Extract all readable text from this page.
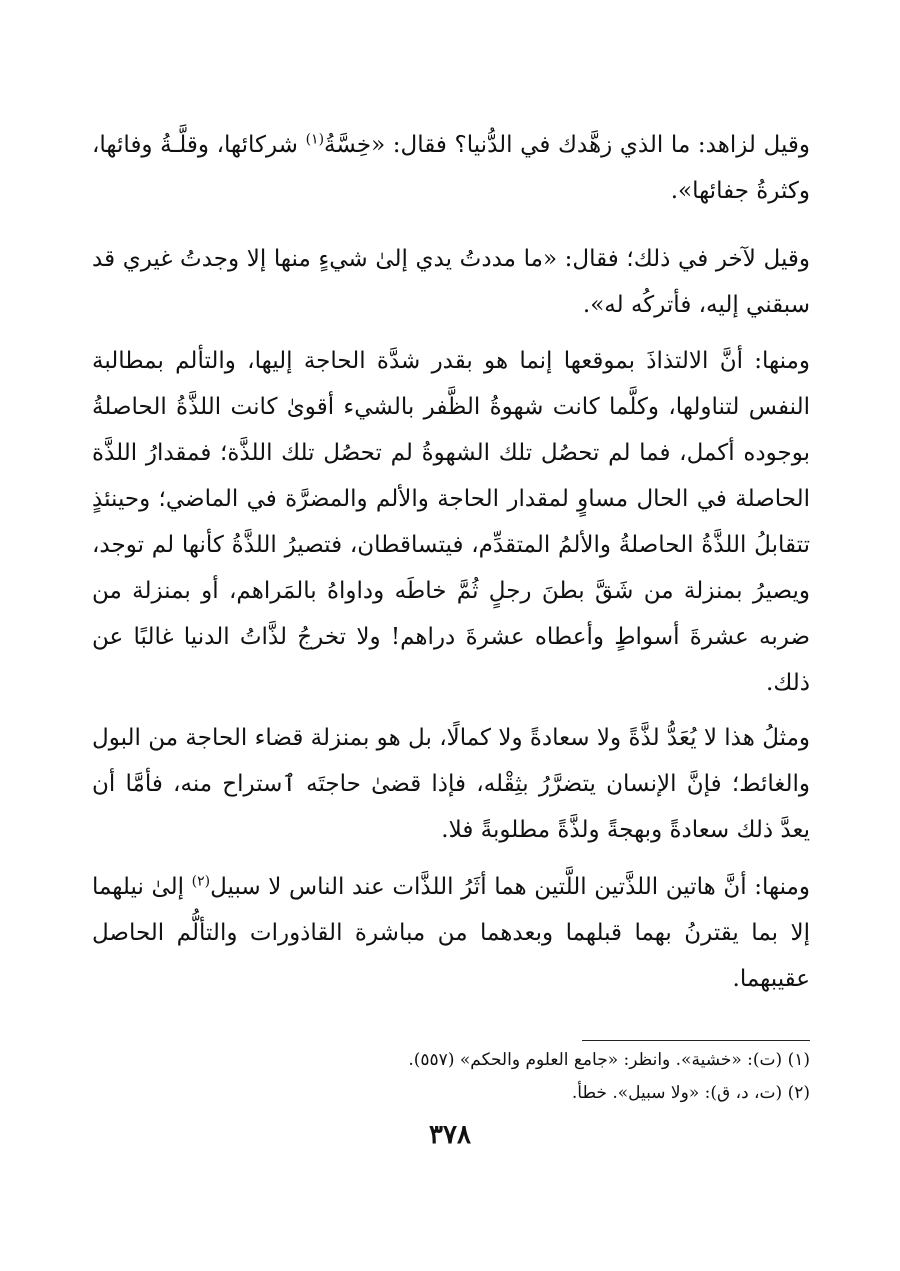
وقيل لزاهد: ما الذي زهَّدك في الدُّنيا؟ فقال: «خِسَّةُ$^{(١)}$ شركائها، وقلَّـةُ وفائها، وكثرةُ جفائها».

وقيل لآخر في ذلك؛ فقال: «ما مددتُ يدي إلىٰ شيءٍ منها إلا وجدتُ غيري قد سبقني إليه، فأتركُه له».

ومنها: أنَّ الالتذاذَ بموقعها إنما هو بقدر شدَّة الحاجة إليها، والتألم بمطالبة النفس لتناولها، وكلَّما كانت شهوةُ الظَّفر بالشيء أقوىٰ كانت اللذَّةُ الحاصلةُ بوجوده أكمل، فما لم تحصُل تلك الشهوةُ لم تحصُل تلك اللذَّة؛ فمقدارُ اللذَّة الحاصلة في الحال مساوٍ لمقدار الحاجة والألم والمضرَّة في الماضي؛ وحينئذٍ تتقابلُ اللذَّةُ الحاصلةُ والألمُ المتقدِّم، فيتساقطان، فتصيرُ اللذَّةُ كأنها لم توجد، ويصيرُ بمنزلة من شَقَّ بطنَ رجلٍ ثُمَّ خاطَه وداواهُ بالمَراهم، أو بمنزلة من ضربه عشرةَ أسواطٍ وأعطاه عشرةَ دراهم! ولا تخرجُ لذَّاتُ الدنيا غالبًا عن ذلك.

ومثلُ هذا لا يُعَدُّ لذَّةً ولا سعادةً ولا كمالًا، بل هو بمنزلة قضاء الحاجة من البول والغائط؛ فإنَّ الإنسان يتضرَّرُ بثِقْله، فإذا قضىٰ حاجتَه ٱستراح منه، فأمَّا أن يعدَّ ذلك سعادةً وبهجةً ولذَّةً مطلوبةً فلا.

ومنها: أنَّ هاتين اللذَّتين اللَّتين هما أثَرُ اللذَّات عند الناس لا سبيل$^{(٢)}$ إلىٰ نيلهما إلا بما يقترنُ بهما قبلهما وبعدهما من مباشرة القاذورات والتألُّم الحاصل عقيبهما.

(١) (ت): «خشية». وانظر: «جامع العلوم والحكم» (٥٥٧).

(٢) (ت، د، ق): «ولا سبيل». خطأ.

٣٧٨
